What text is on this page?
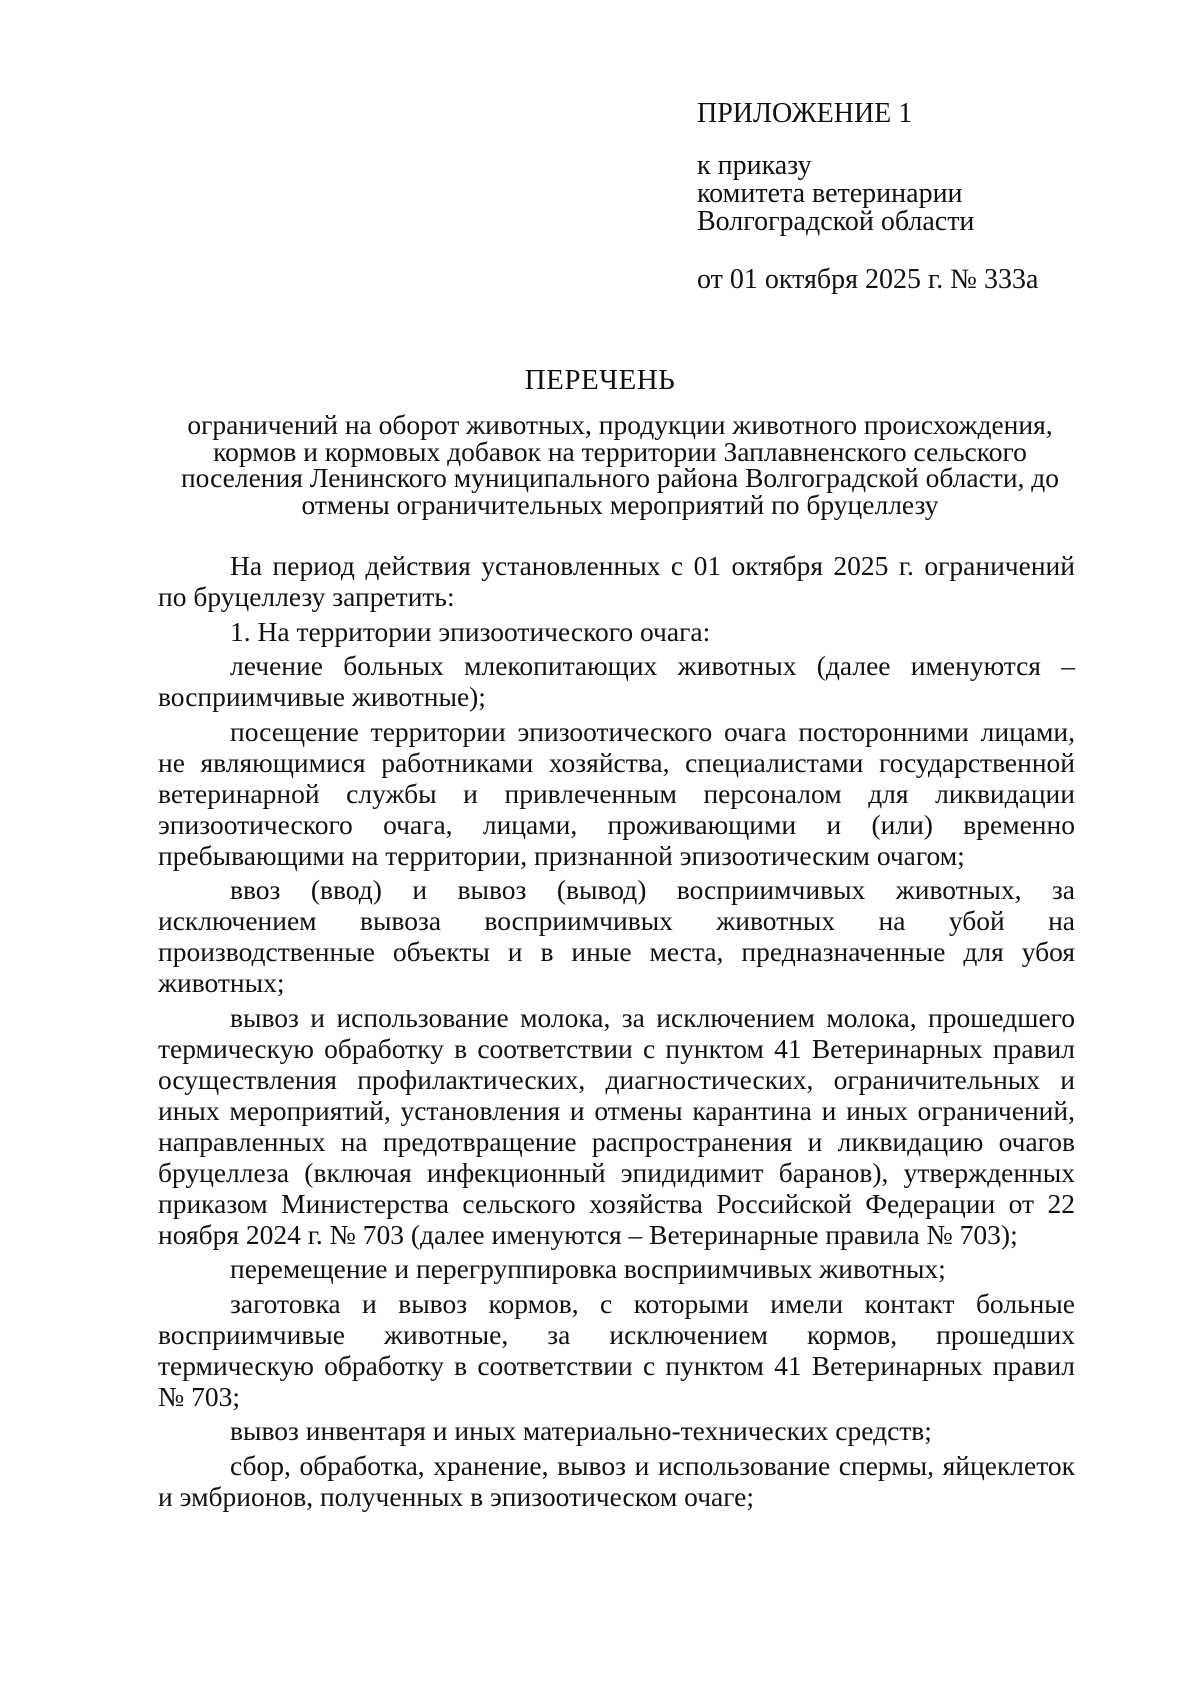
ПРИЛОЖЕНИЕ 1

к приказу

комитета ветеринарии

Волгоградской области

от 01 октября 2025 г. № 333а

ПЕРЕЧЕНЬ

ограничений на оборот животных, продукции животного происхождения,

кормов и кормовых добавок на территории Заплавненского сельского

поселения Ленинского муниципального района Волгоградской области, до

отмены ограничительных мероприятий по бруцеллезу

На период действия установленных с 01 октября 2025 г. ограничений по бруцеллезу запретить:

1. На территории эпизоотического очага:

лечение больных млекопитающих животных (далее именуются – восприимчивые животные);

посещение территории эпизоотического очага посторонними лицами, не являющимися работниками хозяйства, специалистами государственной ветеринарной службы и привлеченным персоналом для ликвидации эпизоотического очага, лицами, проживающими и (или) временно пребывающими на территории, признанной эпизоотическим очагом;

ввоз (ввод) и вывоз (вывод) восприимчивых животных, за исключением вывоза восприимчивых животных на убой на производственные объекты и в иные места, предназначенные для убоя животных;

вывоз и использование молока, за исключением молока, прошедшего термическую обработку в соответствии с пунктом 41 Ветеринарных правил осуществления профилактических, диагностических, ограничительных и иных мероприятий, установления и отмены карантина и иных ограничений, направленных на предотвращение распространения и ликвидацию очагов бруцеллеза (включая инфекционный эпидидимит баранов), утвержденных приказом Министерства сельского хозяйства Российской Федерации от 22 ноября 2024 г. № 703 (далее именуются – Ветеринарные правила № 703);

перемещение и перегруппировка восприимчивых животных;

заготовка и вывоз кормов, с которыми имели контакт больные восприимчивые животные, за исключением кормов, прошедших термическую обработку в соответствии с пунктом 41 Ветеринарных правил № 703;

вывоз инвентаря и иных материально-технических средств;

сбор, обработка, хранение, вывоз и использование спермы, яйцеклеток и эмбрионов, полученных в эпизоотическом очаге;
